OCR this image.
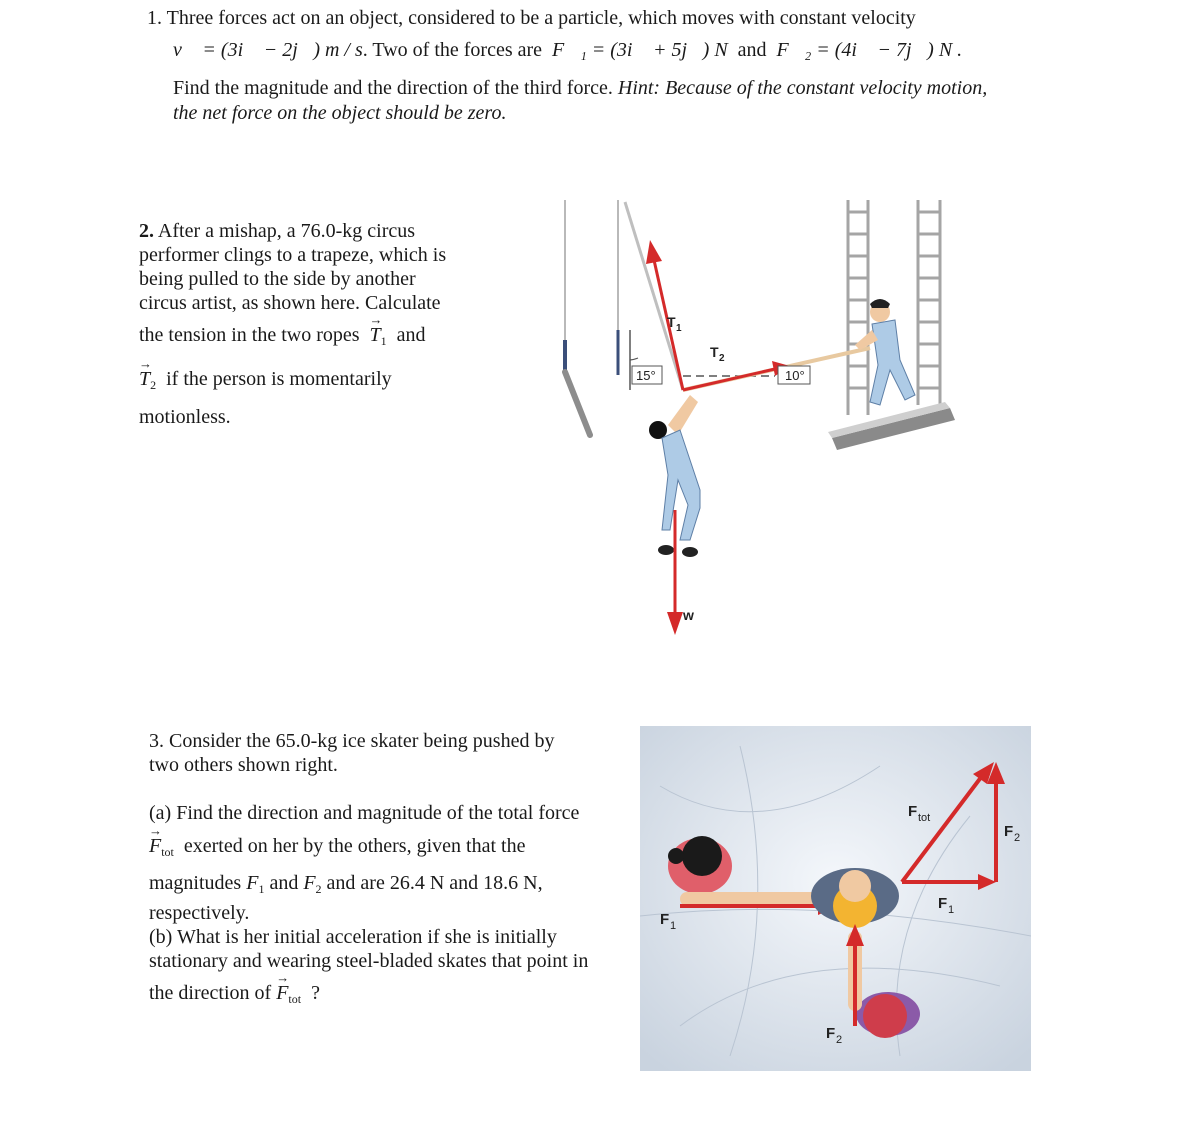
1. Three forces act on an object, considered to be a particle, which moves with constant velocity
v⃗ = (3i⃗ − 2j⃗) m / s. Two of the forces are F⃗₁ = (3i⃗ + 5j⃗) N and F⃗₂ = (4i⃗ − 7j⃗) N .
Find the magnitude and the direction of the third force. Hint: Because of the constant velocity motion,
the net force on the object should be zero.
2. After a mishap, a 76.0-kg circus
performer clings to a trapeze, which is
being pulled to the side by another
circus artist, as shown here. Calculate
the tension in the two ropes → $T_1$ and
→ $T_2$ if the person is momentarily
motionless.
10°
15°
T 1
T 2
w
3. Consider the 65.0-kg ice skater being pushed by
two others shown right.
(a) Find the direction and magnitude of the total force
→ $F_{tot}$ exerted on her by the others, given that the
magnitudes $F_1$ and $F_2$ and are 26.4 N and 18.6 N,
respectively.
(b) What is her initial acceleration if she is initially
stationary and wearing steel-bladed skates that point in
the direction of → $F_{tot}$ ?
F tot
F 1
F 2
F 1
F 2
